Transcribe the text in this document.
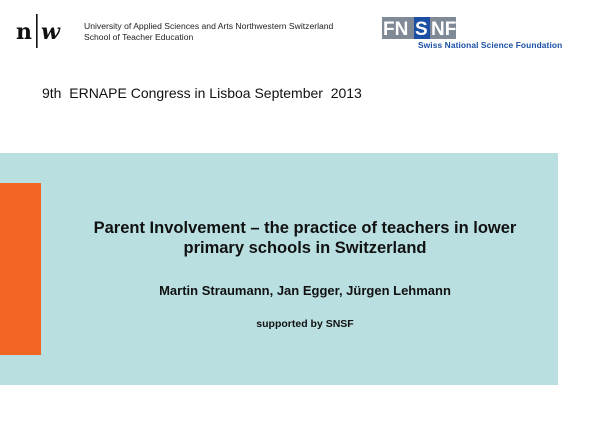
n w	University of Applied Sciences and Arts Northwestern Switzerland
School of Teacher Education	FN S NF
Swiss National Science Foundation
9th  ERNAPE Congress in Lisboa September  2013
Parent Involvement – the practice of teachers in lower
primary schools in Switzerland
Martin Straumann, Jan Egger, Jürgen Lehmann
supported by SNSF
